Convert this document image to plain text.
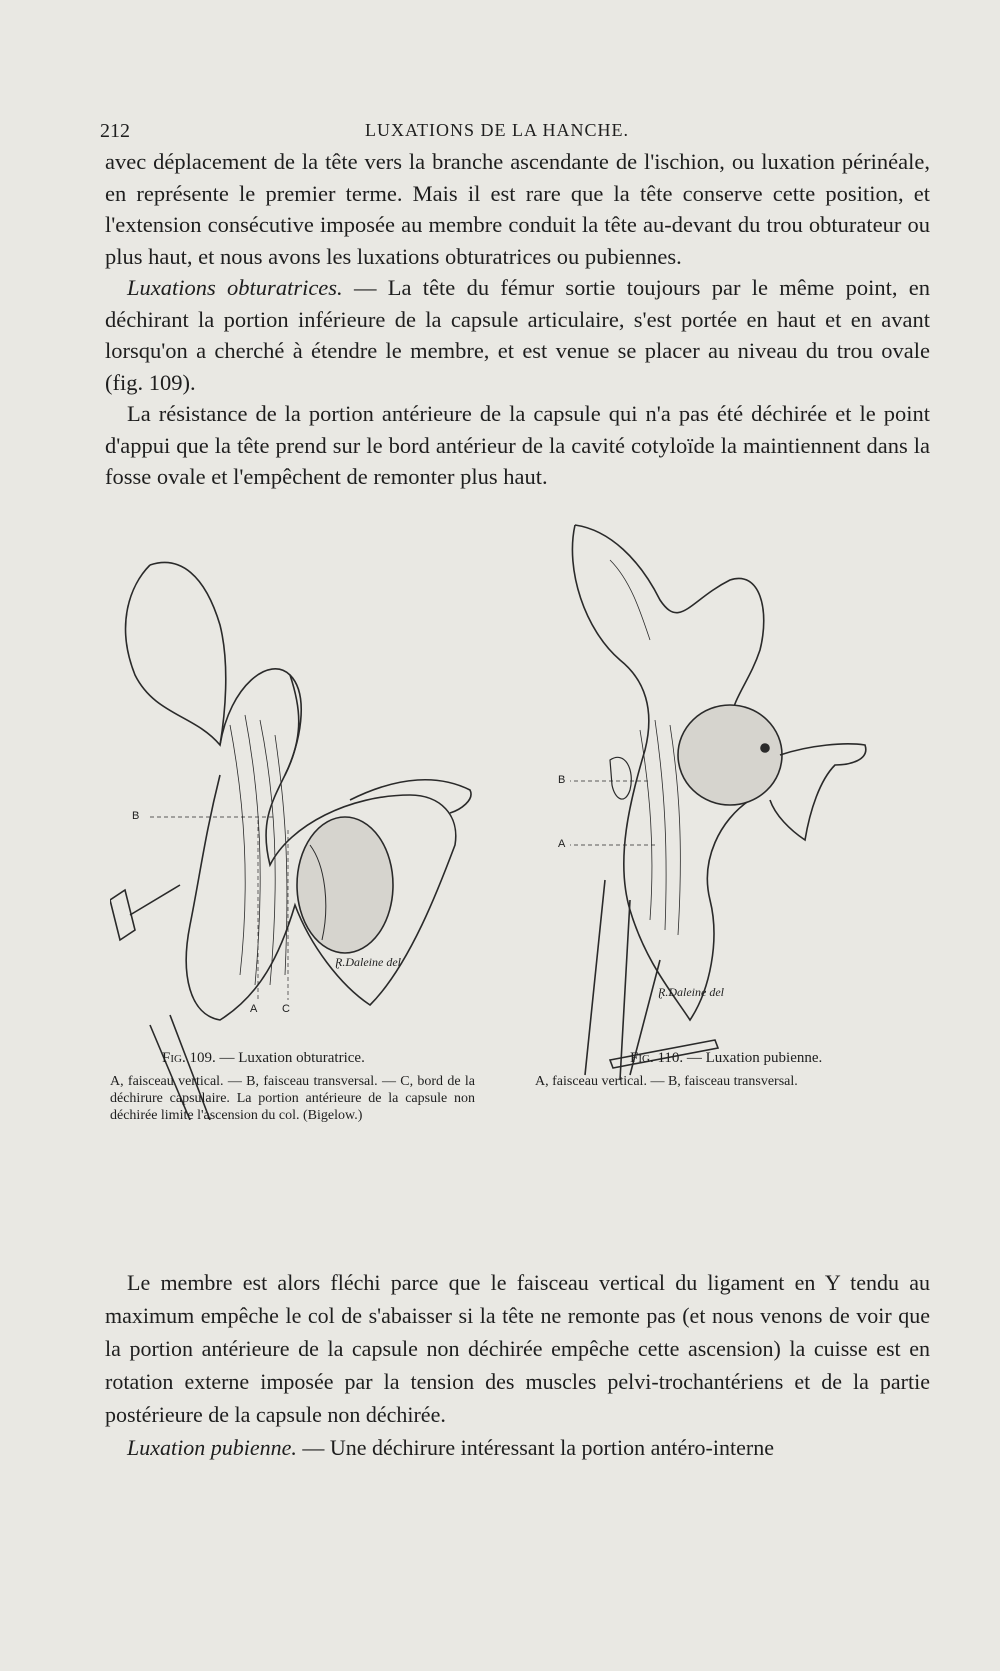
212	LUXATIONS DE LA HANCHE.

avec déplacement de la tête vers la branche ascendante de l'ischion, ou luxation périnéale, en représente le premier terme. Mais il est rare que la tête conserve cette position, et l'extension consécutive imposée au membre conduit la tête au-devant du trou obturateur ou plus haut, et nous avons les luxations obturatrices ou pubiennes.

Luxations obturatrices. — La tête du fémur sortie toujours par le même point, en déchirant la portion inférieure de la capsule articulaire, s'est portée en haut et en avant lorsqu'on a cherché à étendre le membre, et est venue se placer au niveau du trou ovale (fig. 109).

La résistance de la portion antérieure de la capsule qui n'a pas été déchirée et le point d'appui que la tête prend sur le bord antérieur de la cavité cotyloïde la maintiennent dans la fosse ovale et l'empêchent de remonter plus haut.

B
A C
Ɽ.Daleine del
Fig. 109. — Luxation obturatrice.
A, faisceau vertical. — B, faisceau transversal. — C, bord de la déchirure capsulaire. La portion antérieure de la capsule non déchirée limite l'ascension du col. (Bigelow.)
B
A
Ɽ.Daleine del
Fig. 110. — Luxation pubienne.
A, faisceau vertical. — B, faisceau transversal.

Le membre est alors fléchi parce que le faisceau vertical du ligament en Y tendu au maximum empêche le col de s'abaisser si la tête ne remonte pas (et nous venons de voir que la portion antérieure de la capsule non déchirée empêche cette ascension) la cuisse est en rotation externe imposée par la tension des muscles pelvi-trochantériens et de la partie postérieure de la capsule non déchirée.

Luxation pubienne. — Une déchirure intéressant la portion antéro-interne
